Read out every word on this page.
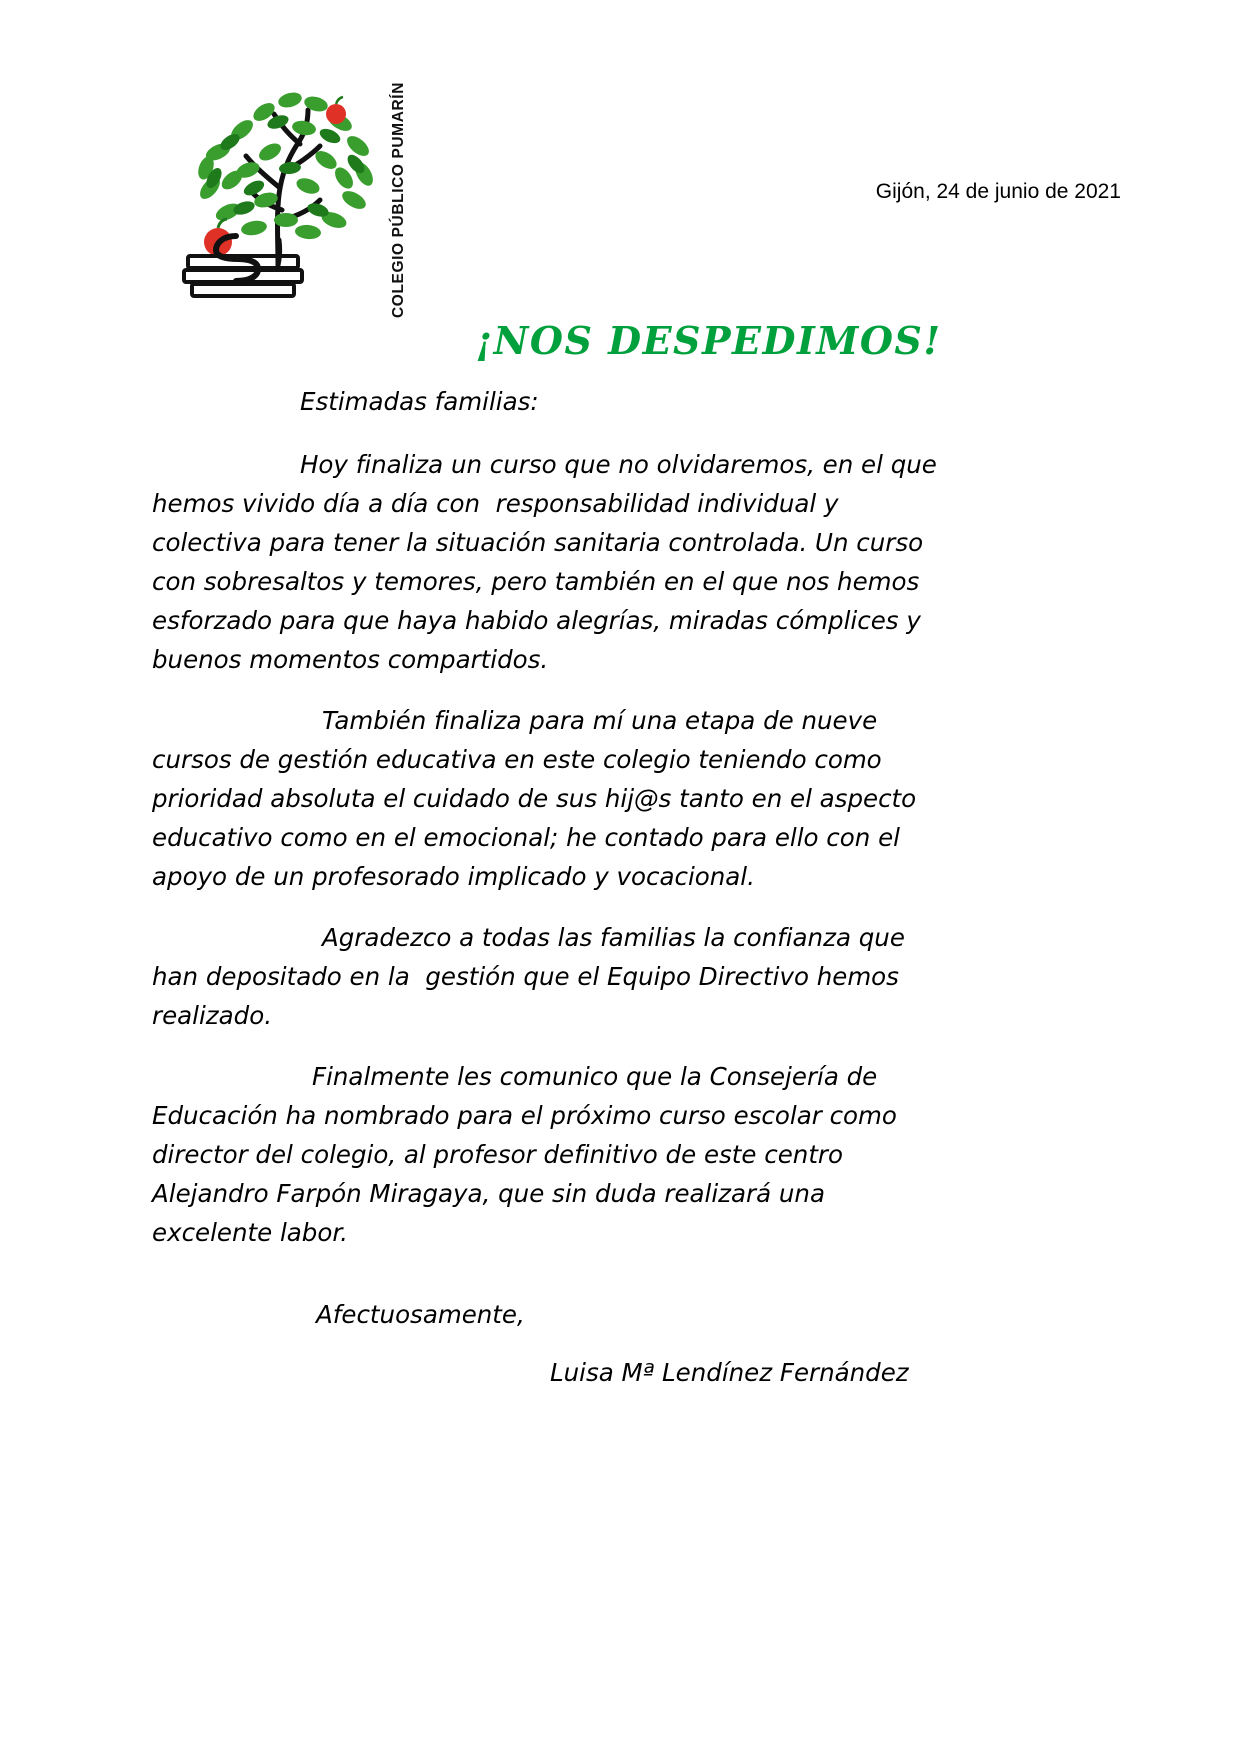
COLEGIO PÚBLICO PUMARÍN	Gijón, 24 de junio de 2021
¡NOS DESPEDIMOS!

Estimadas familias:

Hoy finaliza un curso que no olvidaremos, en el que hemos vivido día a día con  responsabilidad individual y colectiva para tener la situación sanitaria controlada. Un curso con sobresaltos y temores, pero también en el que nos hemos esforzado para que haya habido alegrías, miradas cómplices y buenos momentos compartidos.

También finaliza para mí una etapa de nueve cursos de gestión educativa en este colegio teniendo como prioridad absoluta el cuidado de sus hij@s tanto en el aspecto educativo como en el emocional; he contado para ello con el apoyo de un profesorado implicado y vocacional.

Agradezco a todas las familias la confianza que han depositado en la  gestión que el Equipo Directivo hemos realizado.

Finalmente les comunico que la Consejería de Educación ha nombrado para el próximo curso escolar como director del colegio, al profesor definitivo de este centro Alejandro Farpón Miragaya, que sin duda realizará una excelente labor.

Afectuosamente,
Luisa Mª Lendínez Fernández
